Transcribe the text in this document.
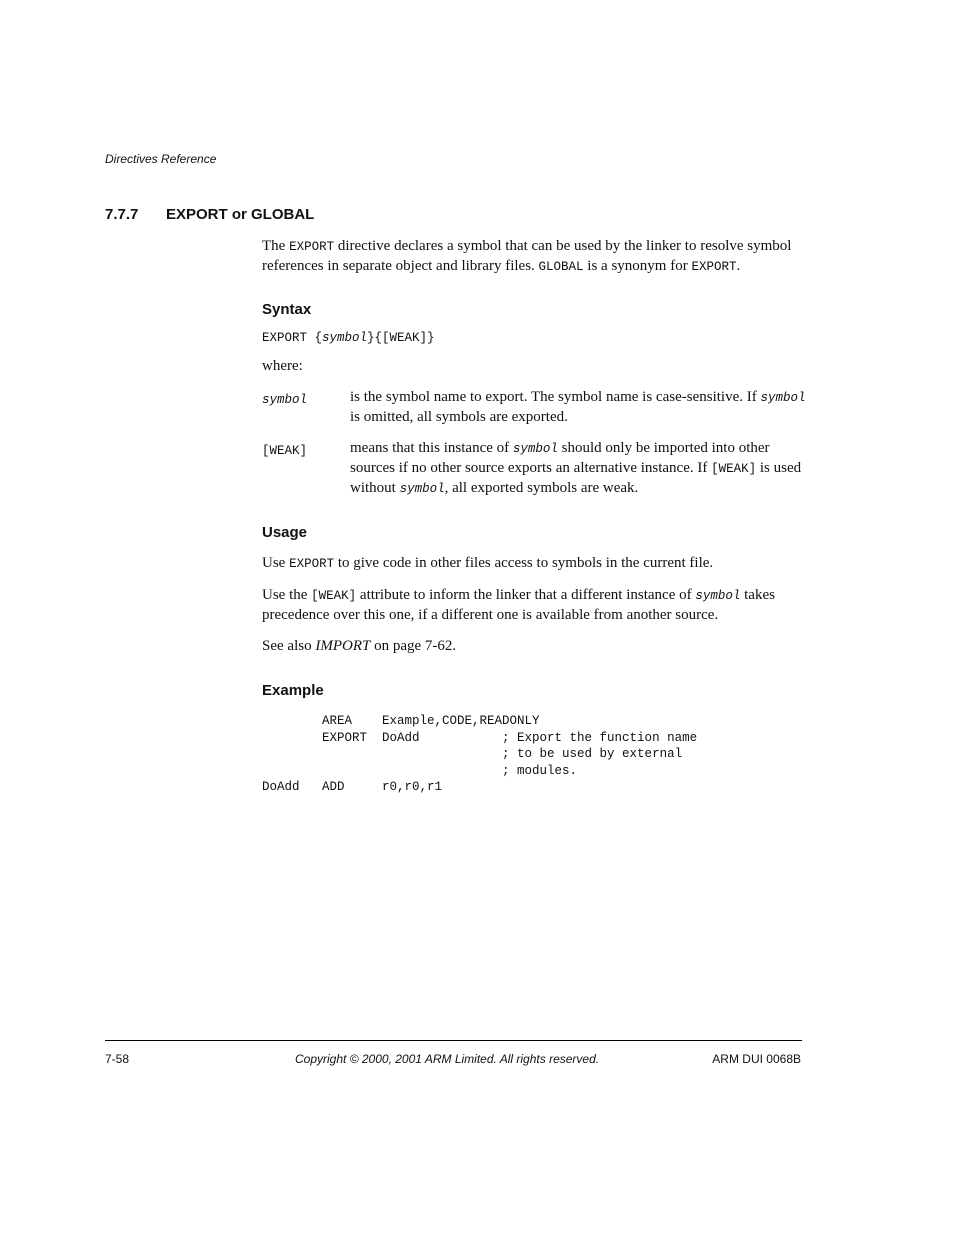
Directives Reference
7.7.7 EXPORT or GLOBAL

The EXPORT directive declares a symbol that can be used by the linker to resolve symbol references in separate object and library files. GLOBAL is a synonym for EXPORT.

Syntax

EXPORT {symbol}{[WEAK]}

where:

symbol	is the symbol name to export. The symbol name is case-sensitive. If symbol is omitted, all symbols are exported.
[WEAK]	means that this instance of symbol should only be imported into other sources if no other source exports an alternative instance. If [WEAK] is used without symbol, all exported symbols are weak.
Usage

Use EXPORT to give code in other files access to symbols in the current file.

Use the [WEAK] attribute to inform the linker that a different instance of symbol takes precedence over this one, if a different one is available from another source.

See also IMPORT on page 7-62.

Example
AREA    Example,CODE,READONLY
EXPORT  DoAdd           ; Export the function name
; to be used by external
; modules.
DoAdd   ADD     r0,r0,r1
7-58	Copyright © 2000, 2001 ARM Limited. All rights reserved.	ARM DUI 0068B
